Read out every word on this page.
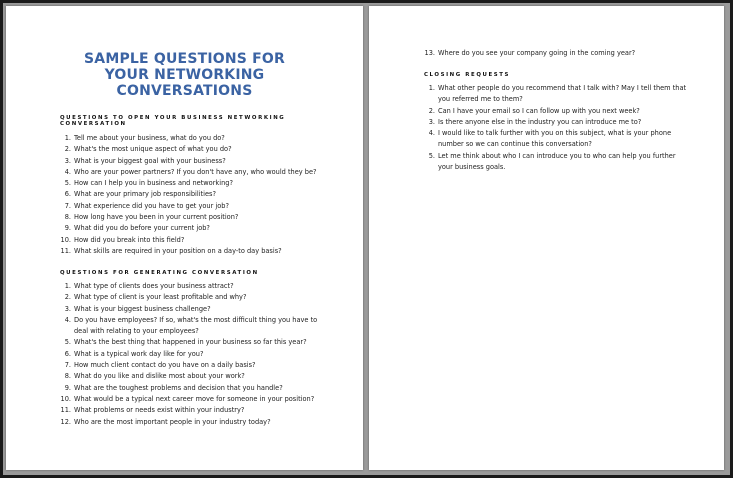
SAMPLE QUESTIONS FOR
YOUR NETWORKING
CONVERSATIONS
QUESTIONS TO OPEN YOUR BUSINESS NETWORKING
CONVERSATION
1. Tell me about your business, what do you do?
2. What's the most unique aspect of what you do?
3. What is your biggest goal with your business?
4. Who are your power partners? If you don't have any, who would they be?
5. How can I help you in business and networking?
6. What are your primary job responsibilities?
7. What experience did you have to get your job?
8. How long have you been in your current position?
9. What did you do before your current job?
10. How did you break into this field?
11. What skills are required in your position on a day-to day basis?
QUESTIONS FOR GENERATING CONVERSATION
1. What type of clients does your business attract?
2. What type of client is your least profitable and why?
3. What is your biggest business challenge?
4. Do you have employees? If so, what's the most difficult thing you have to deal with relating to your employees?
5. What's the best thing that happened in your business so far this year?
6. What is a typical work day like for you?
7. How much client contact do you have on a daily basis?
8. What do you like and dislike most about your work?
9. What are the toughest problems and decision that you handle?
10. What would be a typical next career move for someone in your position?
11. What problems or needs exist within your industry?
12. Who are the most important people in your industry today?
13. Where do you see your company going in the coming year?
CLOSING REQUESTS
1. What other people do you recommend that I talk with? May I tell them that you referred me to them?
2. Can I have your email so I can follow up with you next week?
3. Is there anyone else in the industry you can introduce me to?
4. I would like to talk further with you on this subject, what is your phone number so we can continue this conversation?
5. Let me think about who I can introduce you to who can help you further your business goals.
